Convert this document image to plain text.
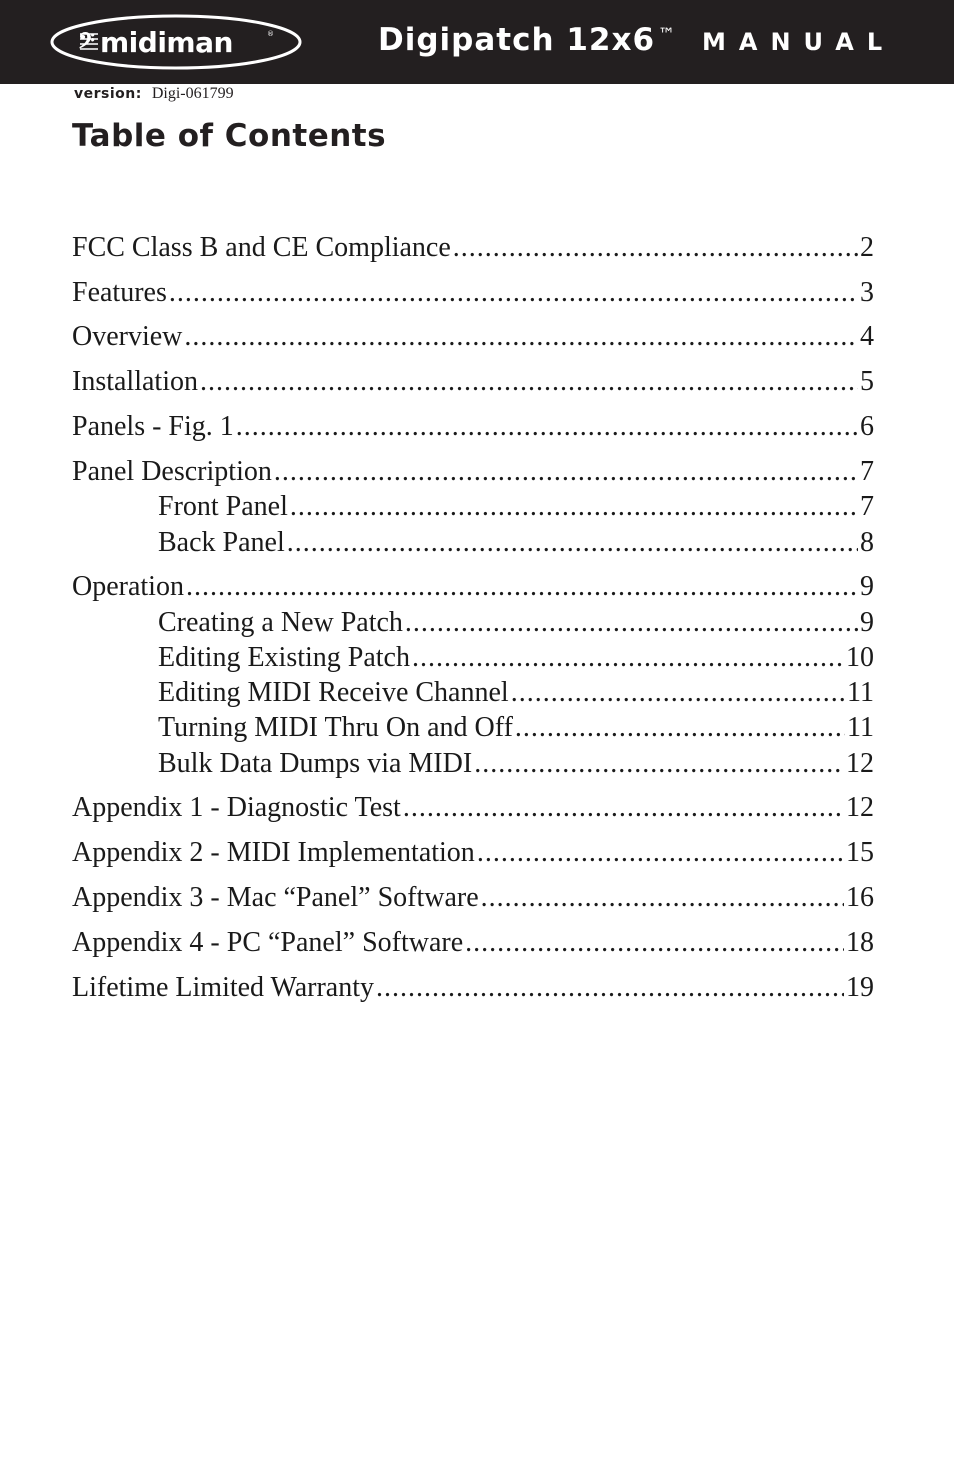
𝄢 midiman	®	Digipatch 12x6 ™ MANUAL
version: Digi-061799
Table of Contents
FCC Class B and CE Compliance .....	2
Features .....	3
Overview .....	4
Installation .....	5
Panels - Fig. 1 .....	6
Panel Description .....	7
Front Panel .....	7
Back Panel .....	8
Operation .....	9
Creating a New Patch .....	9
Editing Existing Patch .....	10
Editing MIDI Receive Channel .....	11
Turning MIDI Thru On and Off .....	11
Bulk Data Dumps via MIDI .....	12
Appendix 1 - Diagnostic Test .....	12
Appendix 2 - MIDI Implementation .....	15
Appendix 3 - Mac “Panel” Software .....	16
Appendix 4 - PC “Panel” Software .....	18
Lifetime Limited Warranty .....	19
